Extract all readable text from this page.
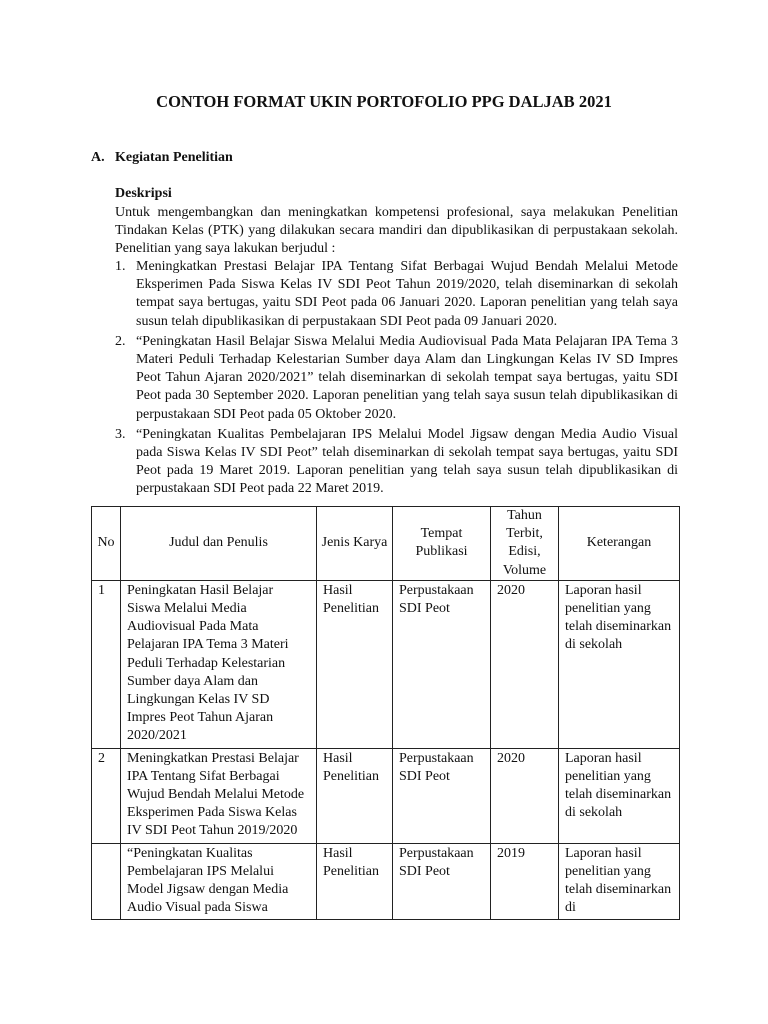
CONTOH FORMAT UKIN PORTOFOLIO PPG DALJAB 2021
A. Kegiatan Penelitian
Deskripsi

Untuk mengembangkan dan meningkatkan kompetensi profesional, saya melakukan Penelitian Tindakan Kelas (PTK) yang dilakukan secara mandiri dan dipublikasikan di perpustakaan sekolah. Penelitian yang saya lakukan berjudul :

1. Meningkatkan Prestasi Belajar IPA Tentang Sifat Berbagai Wujud Bendah Melalui Metode Eksperimen Pada Siswa Kelas IV SDI Peot Tahun 2019/2020, telah diseminarkan di sekolah tempat saya bertugas, yaitu SDI Peot pada 06 Januari 2020. Laporan penelitian yang telah saya susun telah dipublikasikan di perpustakaan SDI Peot pada 09 Januari 2020.
2. “Peningkatan Hasil Belajar Siswa Melalui Media Audiovisual Pada Mata Pelajaran IPA Tema 3 Materi Peduli Terhadap Kelestarian Sumber daya Alam dan Lingkungan Kelas IV SD Impres Peot Tahun Ajaran 2020/2021” telah diseminarkan di sekolah tempat saya bertugas, yaitu SDI Peot pada 30 September 2020. Laporan penelitian yang telah saya susun telah dipublikasikan di perpustakaan SDI Peot pada 05 Oktober 2020.
3. “Peningkatan Kualitas Pembelajaran IPS Melalui Model Jigsaw dengan Media Audio Visual pada Siswa Kelas IV SDI Peot” telah diseminarkan di sekolah tempat saya bertugas, yaitu SDI Peot pada 19 Maret 2019. Laporan penelitian yang telah saya susun telah dipublikasikan di perpustakaan SDI Peot pada 22 Maret 2019.
No	Judul dan Penulis	Jenis Karya	Tempat Publikasi	Tahun Terbit, Edisi, Volume	Keterangan
1	Peningkatan Hasil Belajar Siswa Melalui Media Audiovisual Pada Mata Pelajaran IPA Tema 3 Materi Peduli Terhadap Kelestarian Sumber daya Alam dan Lingkungan Kelas IV SD Impres Peot Tahun Ajaran 2020/2021	Hasil Penelitian	Perpustakaan SDI Peot	2020	Laporan hasil penelitian yang telah diseminarkan di sekolah
2	Meningkatkan Prestasi Belajar IPA Tentang Sifat Berbagai Wujud Bendah Melalui Metode Eksperimen Pada Siswa Kelas IV SDI Peot Tahun 2019/2020	Hasil Penelitian	Perpustakaan SDI Peot	2020	Laporan hasil penelitian yang telah diseminarkan di sekolah
	“Peningkatan Kualitas Pembelajaran IPS Melalui Model Jigsaw dengan Media Audio Visual pada Siswa	Hasil Penelitian	Perpustakaan SDI Peot	2019	Laporan hasil penelitian yang telah diseminarkan di
